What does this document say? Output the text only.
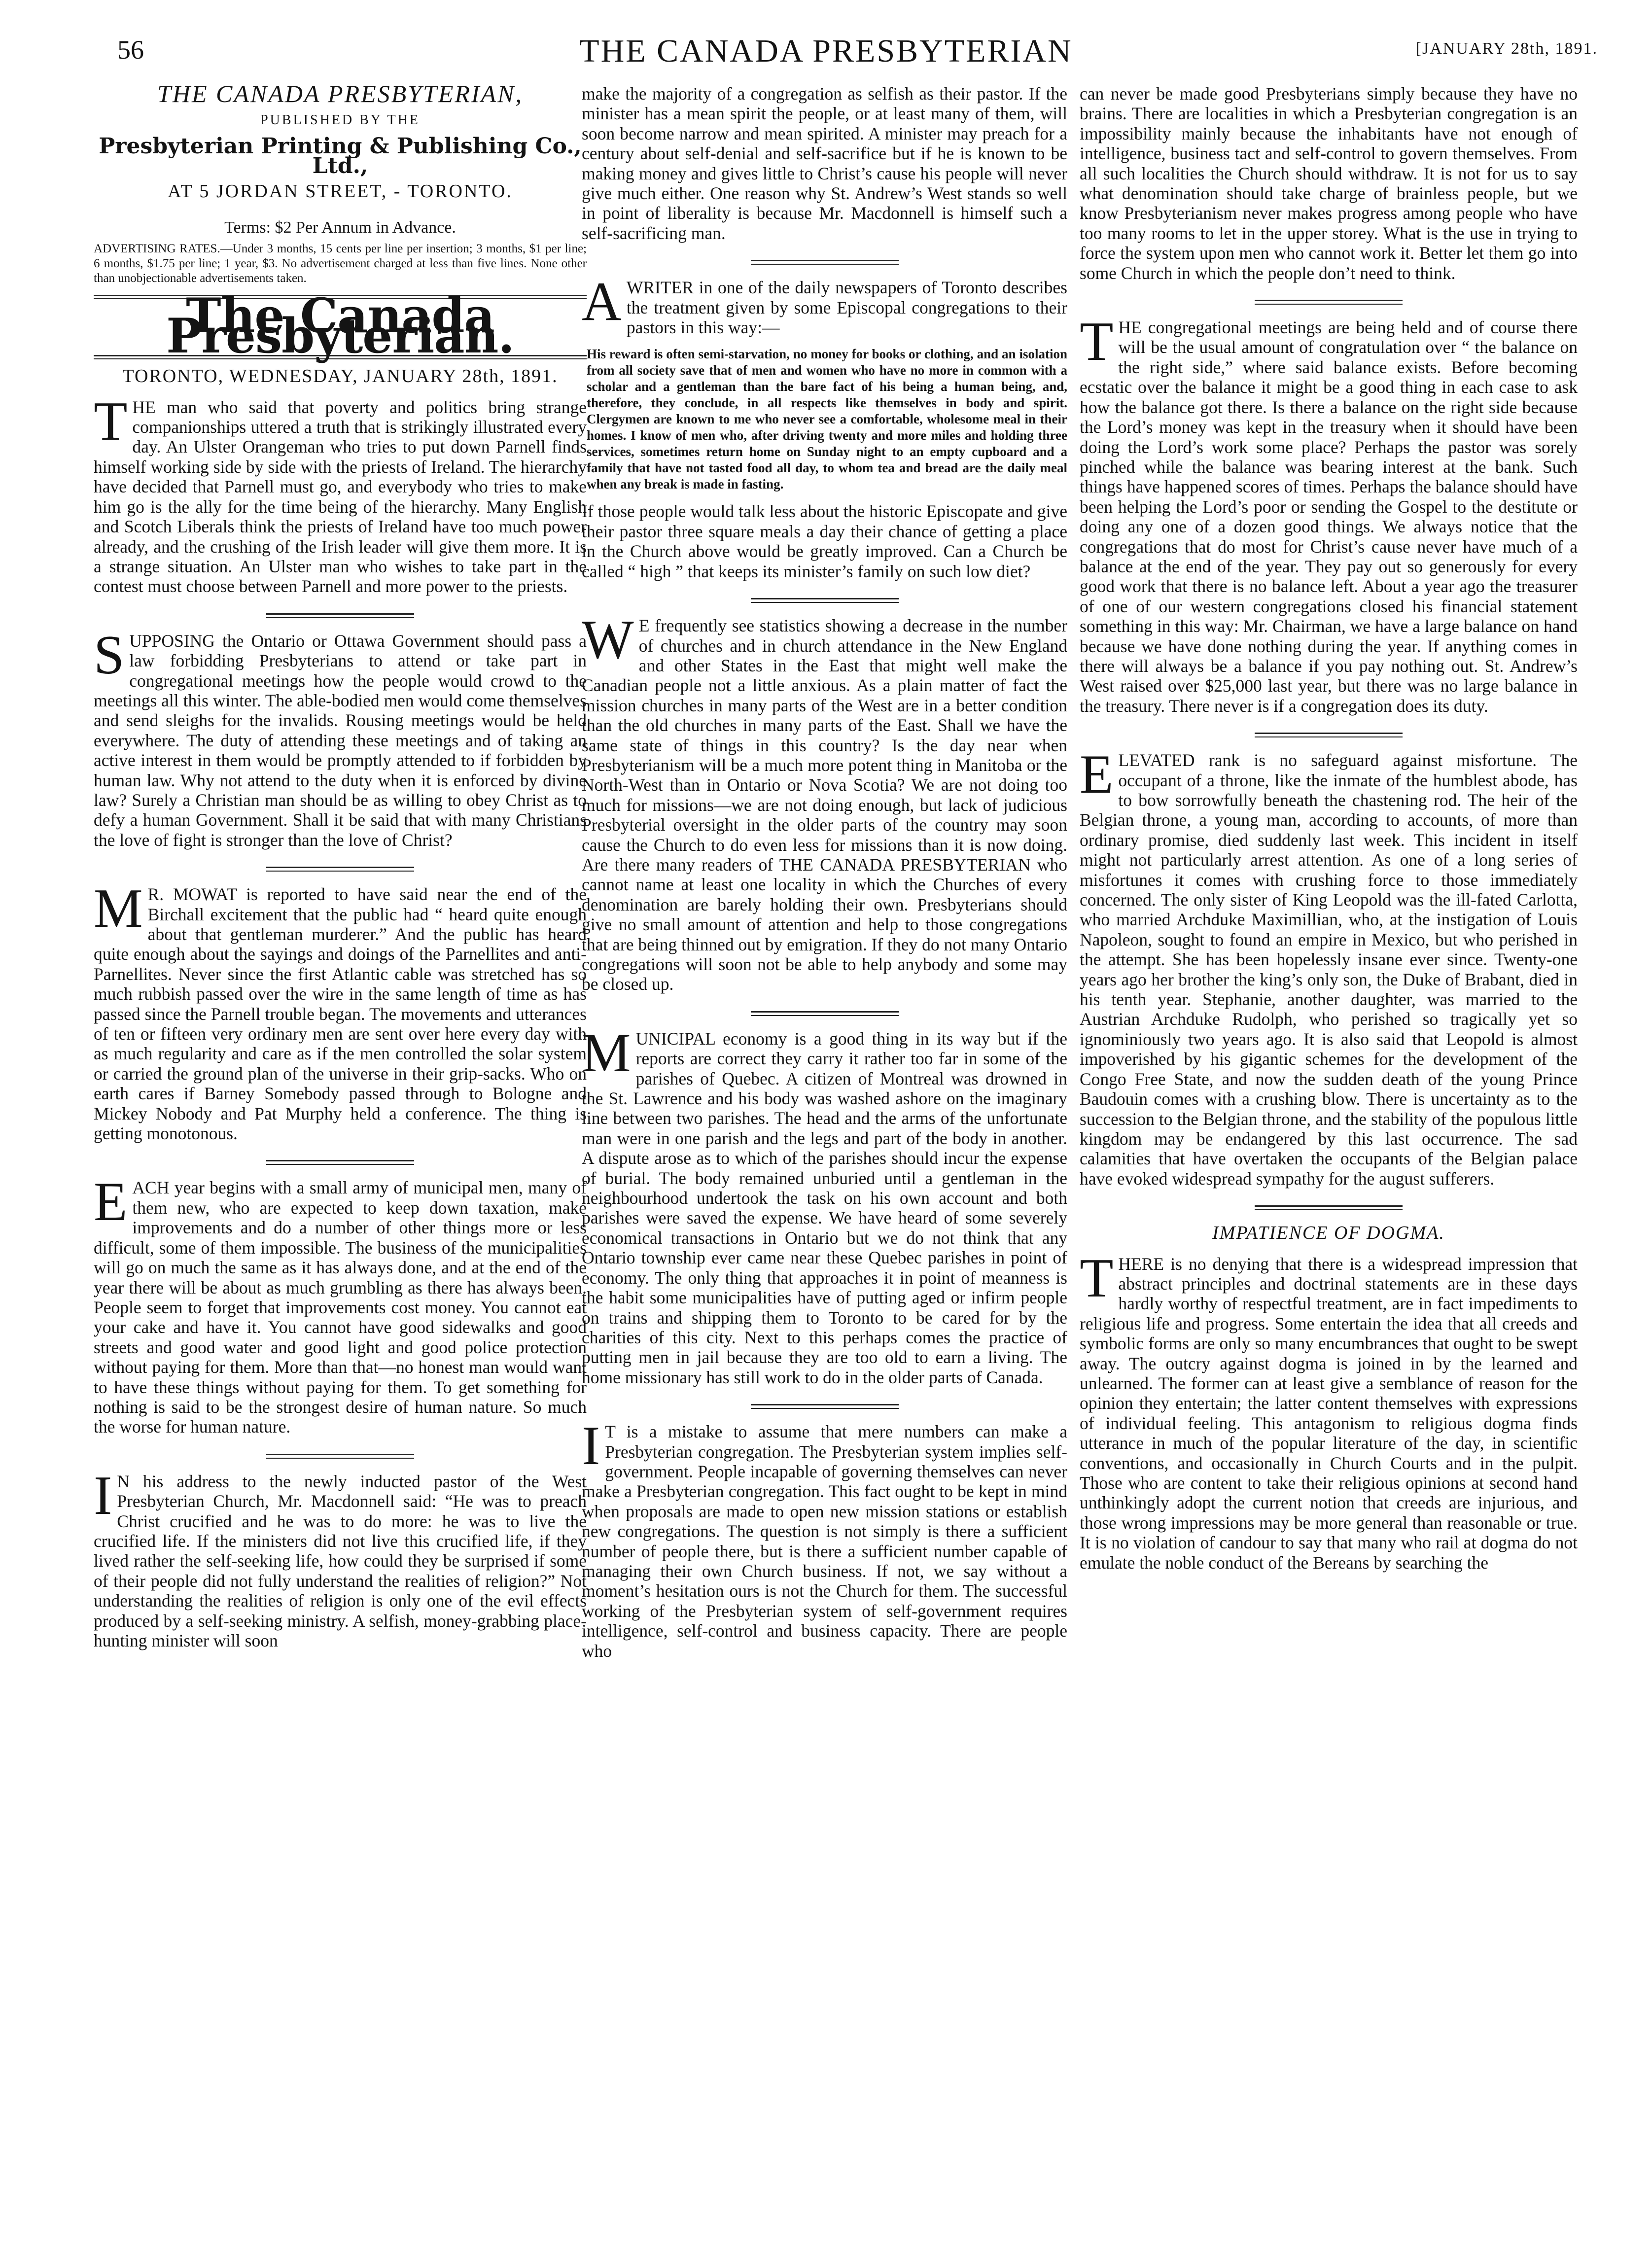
56	THE CANADA PRESBYTERIAN	[JANUARY 28th, 1891.
THE CANADA PRESBYTERIAN,
PUBLISHED BY THE
Presbyterian Printing & Publishing Co., Ltd.,
AT 5 JORDAN STREET, - TORONTO.
Terms: $2 Per Annum in Advance.
ADVERTISING RATES.—Under 3 months, 15 cents per line per insertion; 3 months, $1 per line; 6 months, $1.75 per line; 1 year, $3. No advertisement charged at less than five lines. None other than unobjectionable advertisements taken.
The Canada Presbyterian.
TORONTO, WEDNESDAY, JANUARY 28th, 1891.

THE man who said that poverty and politics bring strange companionships uttered a truth that is strikingly illustrated every day. An Ulster Orangeman who tries to put down Parnell finds himself working side by side with the priests of Ireland. The hierarchy have decided that Parnell must go, and everybody who tries to make him go is the ally for the time being of the hierarchy. Many English and Scotch Liberals think the priests of Ireland have too much power already, and the crushing of the Irish leader will give them more. It is a strange situation. An Ulster man who wishes to take part in the contest must choose between Parnell and more power to the priests.

SUPPOSING the Ontario or Ottawa Government should pass a law forbidding Presbyterians to attend or take part in congregational meetings how the people would crowd to the meetings all this winter. The able-bodied men would come themselves and send sleighs for the invalids. Rousing meetings would be held everywhere. The duty of attending these meetings and of taking an active interest in them would be promptly attended to if forbidden by human law. Why not attend to the duty when it is enforced by divine law? Surely a Christian man should be as willing to obey Christ as to defy a human Government. Shall it be said that with many Christians the love of fight is stronger than the love of Christ?

M R. MOWAT is reported to have said near the end of the Birchall excitement that the public had “ heard quite enough about that gentleman murderer.” And the public has heard quite enough about the sayings and doings of the Parnellites and anti-Parnellites. Never since the first Atlantic cable was stretched has so much rubbish passed over the wire in the same length of time as has passed since the Parnell trouble began. The movements and utterances of ten or fifteen very ordinary men are sent over here every day with as much regularity and care as if the men controlled the solar system or carried the ground plan of the universe in their grip-sacks. Who on earth cares if Barney Somebody passed through to Bologne and Mickey Nobody and Pat Murphy held a conference. The thing is getting monotonous.

EACH year begins with a small army of municipal men, many of them new, who are expected to keep down taxation, make improvements and do a number of other things more or less difficult, some of them impossible. The business of the municipalities will go on much the same as it has always done, and at the end of the year there will be about as much grumbling as there has always been. People seem to forget that improvements cost money. You cannot eat your cake and have it. You cannot have good sidewalks and good streets and good water and good light and good police protection without paying for them. More than that—no honest man would want to have these things without paying for them. To get something for nothing is said to be the strongest desire of human nature. So much the worse for human nature.

I N his address to the newly inducted pastor of the West Presbyterian Church, Mr. Macdonnell said: “He was to preach Christ crucified and he was to do more: he was to live the crucified life. If the ministers did not live this crucified life, if they lived rather the self-seeking life, how could they be surprised if some of their people did not fully understand the realities of religion?” Not understanding the realities of religion is only one of the evil effects produced by a self-seeking ministry. A selfish, money-grabbing place-hunting minister will soon

make the majority of a congregation as selfish as their pastor. If the minister has a mean spirit the people, or at least many of them, will soon become narrow and mean spirited. A minister may preach for a century about self-denial and self-sacrifice but if he is known to be making money and gives little to Christ’s cause his people will never give much either. One reason why St. Andrew’s West stands so well in point of liberality is because Mr. Macdonnell is himself such a self-sacrificing man.

A WRITER in one of the daily newspapers of Toronto describes the treatment given by some Episcopal congregations to their pastors in this way:—

His reward is often semi-starvation, no money for books or clothing, and an isolation from all society save that of men and women who have no more in common with a scholar and a gentleman than the bare fact of his being a human being, and, therefore, they conclude, in all respects like themselves in body and spirit. Clergymen are known to me who never see a comfortable, wholesome meal in their homes. I know of men who, after driving twenty and more miles and holding three services, sometimes return home on Sunday night to an empty cupboard and a family that have not tasted food all day, to whom tea and bread are the daily meal when any break is made in fasting.

If those people would talk less about the historic Episcopate and give their pastor three square meals a day their chance of getting a place in the Church above would be greatly improved. Can a Church be called “ high ” that keeps its minister’s family on such low diet?

W E frequently see statistics showing a decrease in the number of churches and in church attendance in the New England and other States in the East that might well make the Canadian people not a little anxious. As a plain matter of fact the mission churches in many parts of the West are in a better condition than the old churches in many parts of the East. Shall we have the same state of things in this country? Is the day near when Presbyterianism will be a much more potent thing in Manitoba or the North-West than in Ontario or Nova Scotia? We are not doing too much for missions—we are not doing enough, but lack of judicious Presbyterial oversight in the older parts of the country may soon cause the Church to do even less for missions than it is now doing. Are there many readers of THE CANADA PRESBYTERIAN who cannot name at least one locality in which the Churches of every denomination are barely holding their own. Presbyterians should give no small amount of attention and help to those congregations that are being thinned out by emigration. If they do not many Ontario congregations will soon not be able to help anybody and some may be closed up.

MUNICIPAL economy is a good thing in its way but if the reports are correct they carry it rather too far in some of the parishes of Quebec. A citizen of Montreal was drowned in the St. Lawrence and his body was washed ashore on the imaginary line between two parishes. The head and the arms of the unfortunate man were in one parish and the legs and part of the body in another. A dispute arose as to which of the parishes should incur the expense of burial. The body remained unburied until a gentleman in the neighbourhood undertook the task on his own account and both parishes were saved the expense. We have heard of some severely economical transactions in Ontario but we do not think that any Ontario township ever came near these Quebec parishes in point of economy. The only thing that approaches it in point of meanness is the habit some municipalities have of putting aged or infirm people on trains and shipping them to Toronto to be cared for by the charities of this city. Next to this perhaps comes the practice of putting men in jail because they are too old to earn a living. The home missionary has still work to do in the older parts of Canada.

I T is a mistake to assume that mere numbers can make a Presbyterian congregation. The Presbyterian system implies self-government. People incapable of governing themselves can never make a Presbyterian congregation. This fact ought to be kept in mind when proposals are made to open new mission stations or establish new congregations. The question is not simply is there a sufficient number of people there, but is there a sufficient number capable of managing their own Church business. If not, we say without a moment’s hesitation ours is not the Church for them. The successful working of the Presbyterian system of self-government requires intelligence, self-control and business capacity. There are people who

can never be made good Presbyterians simply because they have no brains. There are localities in which a Presbyterian congregation is an impossibility mainly because the inhabitants have not enough of intelligence, business tact and self-control to govern themselves. From all such localities the Church should withdraw. It is not for us to say what denomination should take charge of brainless people, but we know Presbyterianism never makes progress among people who have too many rooms to let in the upper storey. What is the use in trying to force the system upon men who cannot work it. Better let them go into some Church in which the people don’t need to think.

THE congregational meetings are being held and of course there will be the usual amount of congratulation over “ the balance on the right side,” where said balance exists. Before becoming ecstatic over the balance it might be a good thing in each case to ask how the balance got there. Is there a balance on the right side because the Lord’s money was kept in the treasury when it should have been doing the Lord’s work some place? Perhaps the pastor was sorely pinched while the balance was bearing interest at the bank. Such things have happened scores of times. Perhaps the balance should have been helping the Lord’s poor or sending the Gospel to the destitute or doing any one of a dozen good things. We always notice that the congregations that do most for Christ’s cause never have much of a balance at the end of the year. They pay out so generously for every good work that there is no balance left. About a year ago the treasurer of one of our western congregations closed his financial statement something in this way: Mr. Chairman, we have a large balance on hand because we have done nothing during the year. If anything comes in there will always be a balance if you pay nothing out. St. Andrew’s West raised over $25,000 last year, but there was no large balance in the treasury. There never is if a congregation does its duty.

ELEVATED rank is no safeguard against misfortune. The occupant of a throne, like the inmate of the humblest abode, has to bow sorrowfully beneath the chastening rod. The heir of the Belgian throne, a young man, according to accounts, of more than ordinary promise, died suddenly last week. This incident in itself might not particularly arrest attention. As one of a long series of misfortunes it comes with crushing force to those immediately concerned. The only sister of King Leopold was the ill-fated Carlotta, who married Archduke Maximillian, who, at the instigation of Louis Napoleon, sought to found an empire in Mexico, but who perished in the attempt. She has been hopelessly insane ever since. Twenty-one years ago her brother the king’s only son, the Duke of Brabant, died in his tenth year. Stephanie, another daughter, was married to the Austrian Archduke Rudolph, who perished so tragically yet so ignominiously two years ago. It is also said that Leopold is almost impoverished by his gigantic schemes for the development of the Congo Free State, and now the sudden death of the young Prince Baudouin comes with a crushing blow. There is uncertainty as to the succession to the Belgian throne, and the stability of the populous little kingdom may be endangered by this last occurrence. The sad calamities that have overtaken the occupants of the Belgian palace have evoked widespread sympathy for the august sufferers.

IMPATIENCE OF DOGMA.

THERE is no denying that there is a widespread impression that abstract principles and doctrinal statements are in these days hardly worthy of respectful treatment, are in fact impediments to religious life and progress. Some entertain the idea that all creeds and symbolic forms are only so many encumbrances that ought to be swept away. The outcry against dogma is joined in by the learned and unlearned. The former can at least give a semblance of reason for the opinion they entertain; the latter content themselves with expressions of individual feeling. This antagonism to religious dogma finds utterance in much of the popular literature of the day, in scientific conventions, and occasionally in Church Courts and in the pulpit. Those who are content to take their religious opinions at second hand unthinkingly adopt the current notion that creeds are injurious, and those wrong impressions may be more general than reasonable or true. It is no violation of candour to say that many who rail at dogma do not emulate the noble conduct of the Bereans by searching the
